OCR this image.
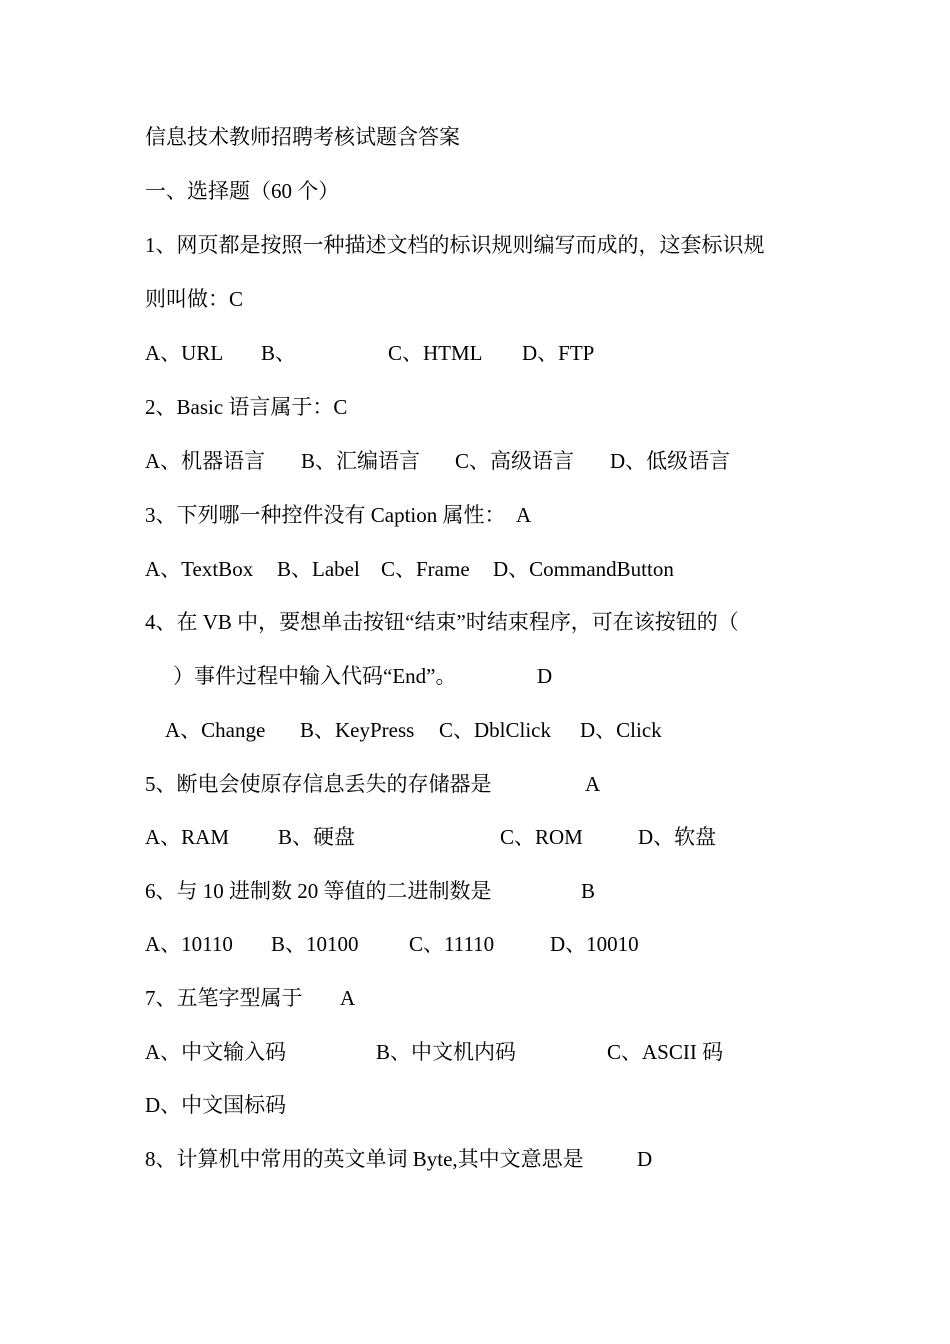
信息技术教师招聘考核试题含答案
一、选择题（60 个）
1、网页都是按照一种描述文档的标识规则编写而成的，这套标识规
则叫做：C
A、URL B、	C、HTML D、FTP
2、Basic 语言属于：C
A、机器语言 B、汇编语言 C、高级语言 D、低级语言
3、下列哪一种控件没有 Caption 属性：  A
A、TextBox B、Label C、Frame D、CommandButton
4、在 VB 中，要想单击按钮“结束”时结束程序，可在该按钮的（
）事件过程中输入代码“End”。	D
A、Change B、KeyPress C、DblClick D、Click
5、断电会使原存信息丢失的存储器是	A
A、RAM B、硬盘	C、ROM	D、软盘
6、与 10 进制数 20 等值的二进制数是	B
A、10110 B、10100 C、11110	D、10010
7、五笔字型属于 A
A、中文输入码	B、中文机内码	C、ASCII 码
D、中文国标码
8、计算机中常用的英文单词 Byte,其中文意思是	D
